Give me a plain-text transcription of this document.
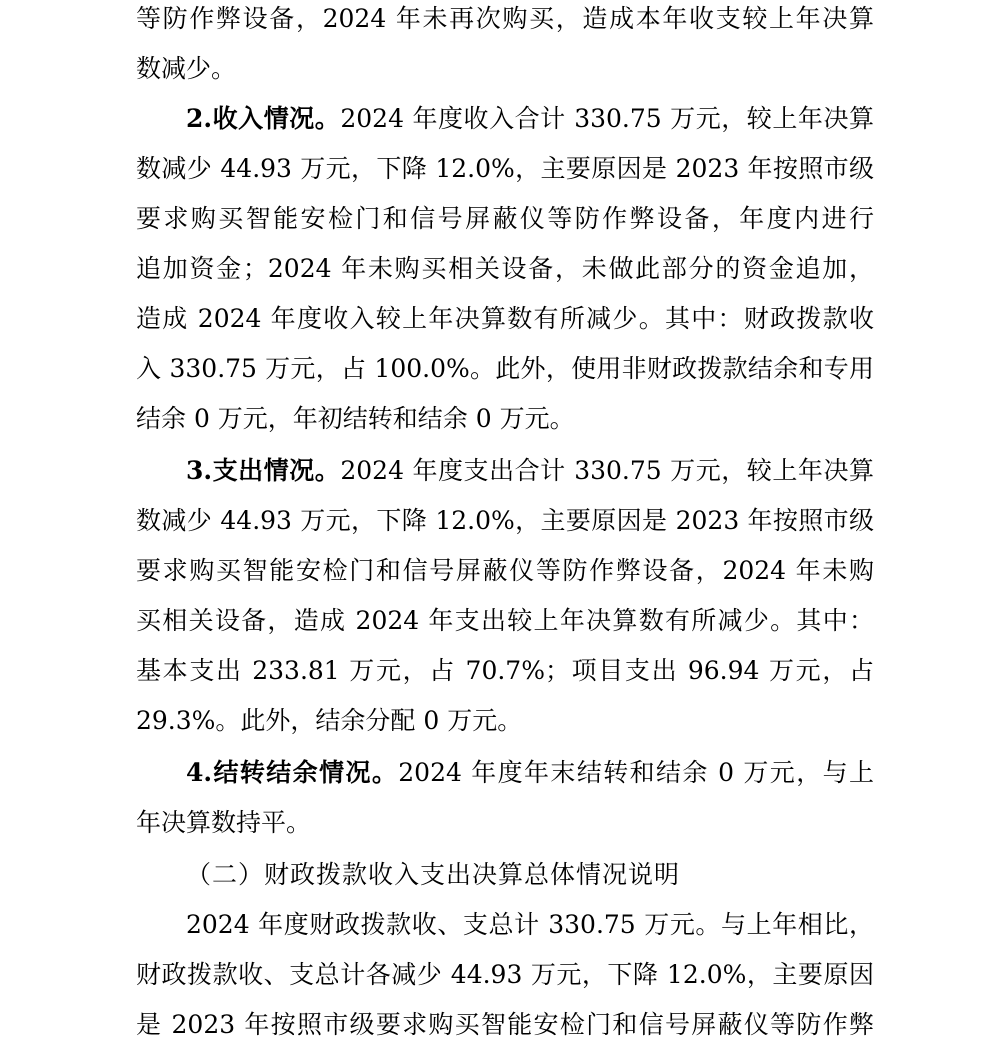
等防作弊设备，2024 年未再次购买，造成本年收支较上年决算
数减少。
2.收入情况。2024 年度收入合计 330.75 万元，较上年决算
数减少 44.93 万元，下降 12.0%，主要原因是 2023 年按照市级
要求购买智能安检门和信号屏蔽仪等防作弊设备，年度内进行
追加资金；2024 年未购买相关设备，未做此部分的资金追加，
造成 2024 年度收入较上年决算数有所减少。其中：财政拨款收
入 330.75 万元，占 100.0%。此外，使用非财政拨款结余和专用
结余 0 万元，年初结转和结余 0 万元。
3.支出情况。2024 年度支出合计 330.75 万元，较上年决算
数减少 44.93 万元，下降 12.0%，主要原因是 2023 年按照市级
要求购买智能安检门和信号屏蔽仪等防作弊设备，2024 年未购
买相关设备，造成 2024 年支出较上年决算数有所减少。其中：
基本支出 233.81 万元，占 70.7%；项目支出 96.94 万元，占
29.3%。此外，结余分配 0 万元。
4.结转结余情况。2024 年度年末结转和结余 0 万元，与上
年决算数持平。
（二）财政拨款收入支出决算总体情况说明
2024 年度财政拨款收、支总计 330.75 万元。与上年相比，
财政拨款收、支总计各减少 44.93 万元，下降 12.0%，主要原因
是 2023 年按照市级要求购买智能安检门和信号屏蔽仪等防作弊
